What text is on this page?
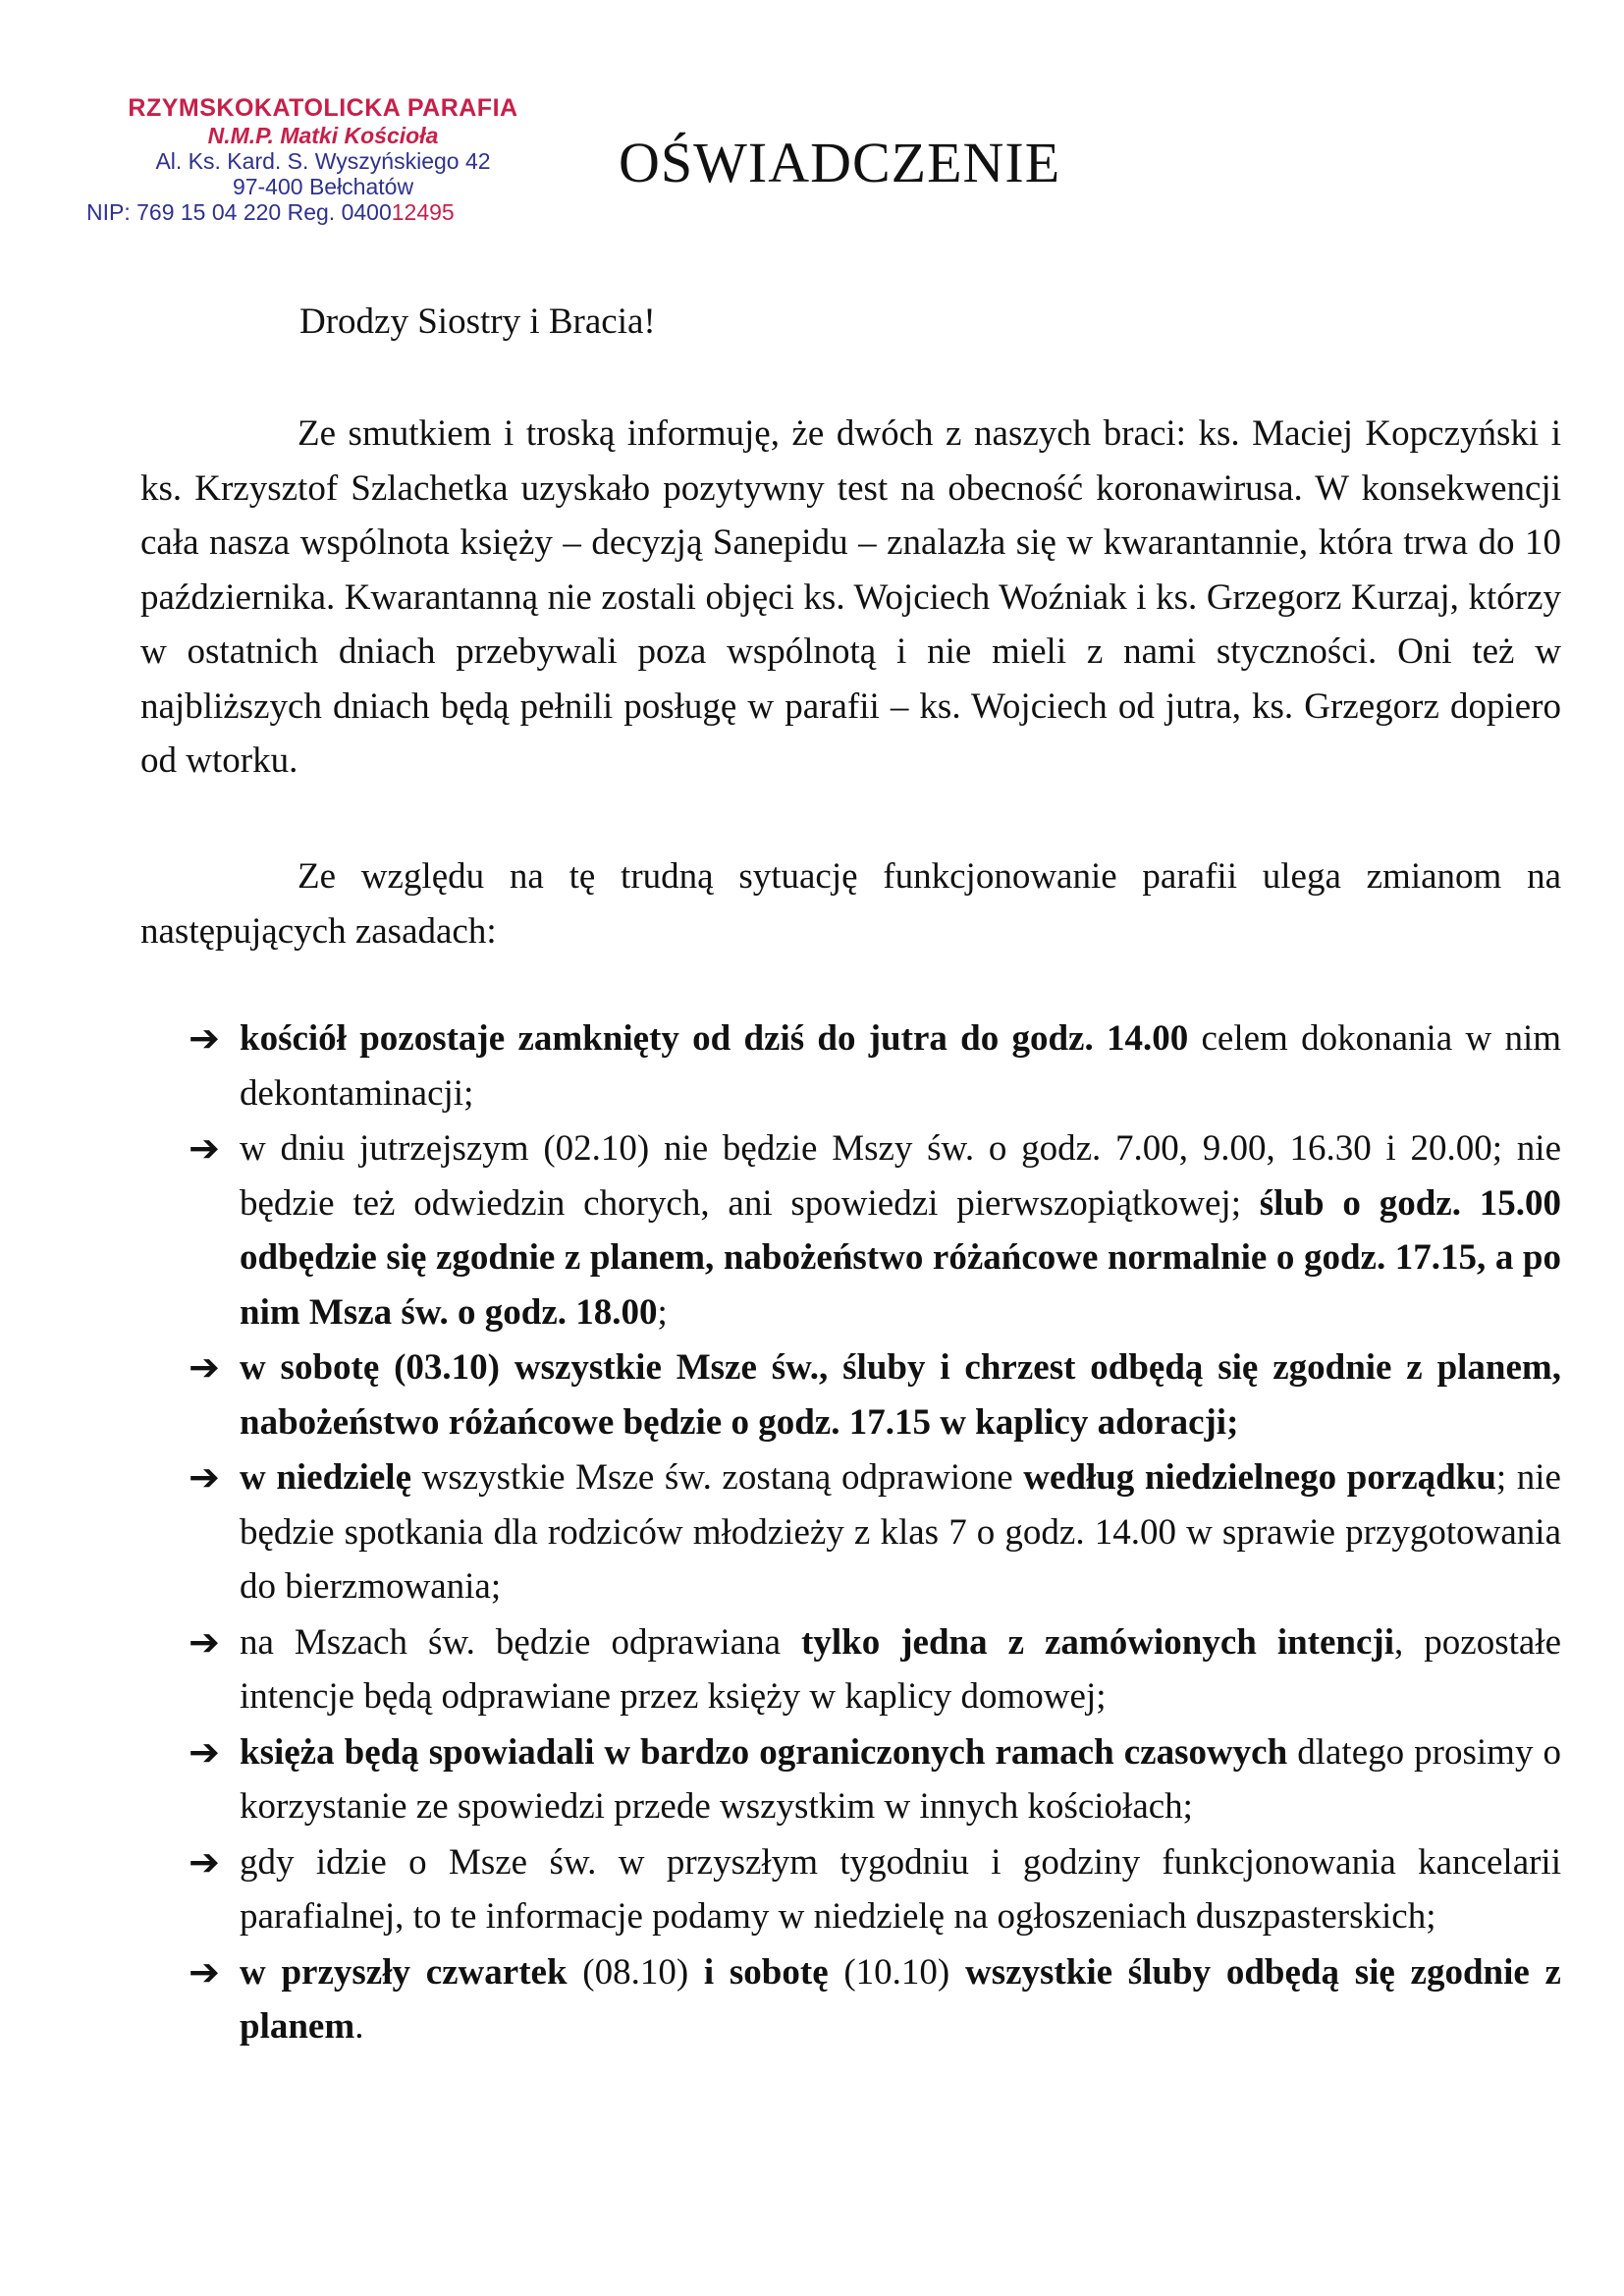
RZYMSKOKATOLICKA PARAFIA
N.M.P. Matki Kościoła
Al. Ks. Kard. S. Wyszyńskiego 42
97-400 Bełchatów
NIP: 769 15 04 220 Reg. 040012495
OŚWIADCZENIE
Drodzy Siostry i Bracia!
Ze smutkiem i troską informuję, że dwóch z naszych braci: ks. Maciej Kopczyński i ks. Krzysztof Szlachetka uzyskało pozytywny test na obecność koronawirusa. W konsekwencji cała nasza wspólnota księży – decyzją Sanepidu – znalazła się w kwarantannie, która trwa do 10 października. Kwarantanną nie zostali objęci ks. Wojciech Woźniak i ks. Grzegorz Kurzaj, którzy w ostatnich dniach przebywali poza wspólnotą i nie mieli z nami styczności. Oni też w najbliższych dniach będą pełnili posługę w parafii – ks. Wojciech od jutra, ks. Grzegorz dopiero od wtorku.
Ze względu na tę trudną sytuację funkcjonowanie parafii ulega zmianom na następujących zasadach:
➔ kościół pozostaje zamknięty od dziś do jutra do godz. 14.00 celem dokonania w nim dekontaminacji;
➔ w dniu jutrzejszym (02.10) nie będzie Mszy św. o godz. 7.00, 9.00, 16.30 i 20.00; nie będzie też odwiedzin chorych, ani spowiedzi pierwszopiątkowej; ślub o godz. 15.00 odbędzie się zgodnie z planem, nabożeństwo różańcowe normalnie o godz. 17.15, a po nim Msza św. o godz. 18.00;
➔ w sobotę (03.10) wszystkie Msze św., śluby i chrzest odbędą się zgodnie z planem, nabożeństwo różańcowe będzie o godz. 17.15 w kaplicy adoracji;
➔ w niedzielę wszystkie Msze św. zostaną odprawione według niedzielnego porządku; nie będzie spotkania dla rodziców młodzieży z klas 7 o godz. 14.00 w sprawie przygotowania do bierzmowania;
➔ na Mszach św. będzie odprawiana tylko jedna z zamówionych intencji, pozostałe intencje będą odprawiane przez księży w kaplicy domowej;
➔ księża będą spowiadali w bardzo ograniczonych ramach czasowych dlatego prosimy o korzystanie ze spowiedzi przede wszystkim w innych kościołach;
➔ gdy idzie o Msze św. w przyszłym tygodniu i godziny funkcjonowania kancelarii parafialnej, to te informacje podamy w niedzielę na ogłoszeniach duszpasterskich;
➔ w przyszły czwartek (08.10) i sobotę (10.10) wszystkie śluby odbędą się zgodnie z planem.
